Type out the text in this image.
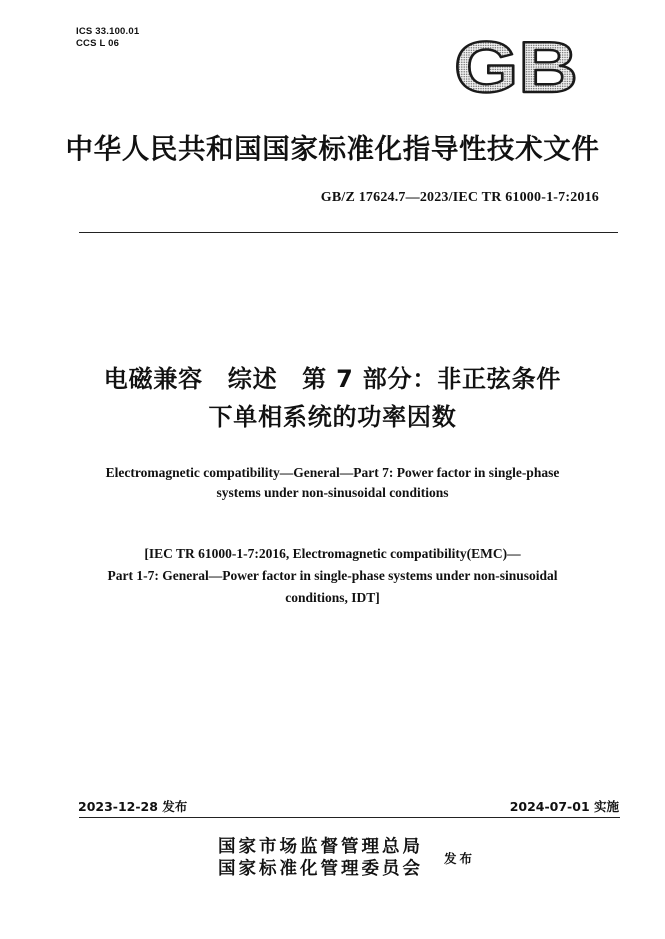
ICS 33.100.01
CCS L 06	GB
中华人民共和国国家标准化指导性技术文件
GB/Z 17624.7—2023/IEC TR 61000-1-7:2016
电磁兼容　综述　第 7 部分：非正弦条件
下单相系统的功率因数
Electromagnetic compatibility—General—Part 7: Power factor in single-phase
systems under non-sinusoidal conditions
[IEC TR 61000-1-7:2016, Electromagnetic compatibility(EMC)—
Part 1-7: General—Power factor in single-phase systems under non-sinusoidal
conditions, IDT]
2023-12-28 发布	2024-07-01 实施
国家市场监督管理总局
国家标准化管理委员会
发布
